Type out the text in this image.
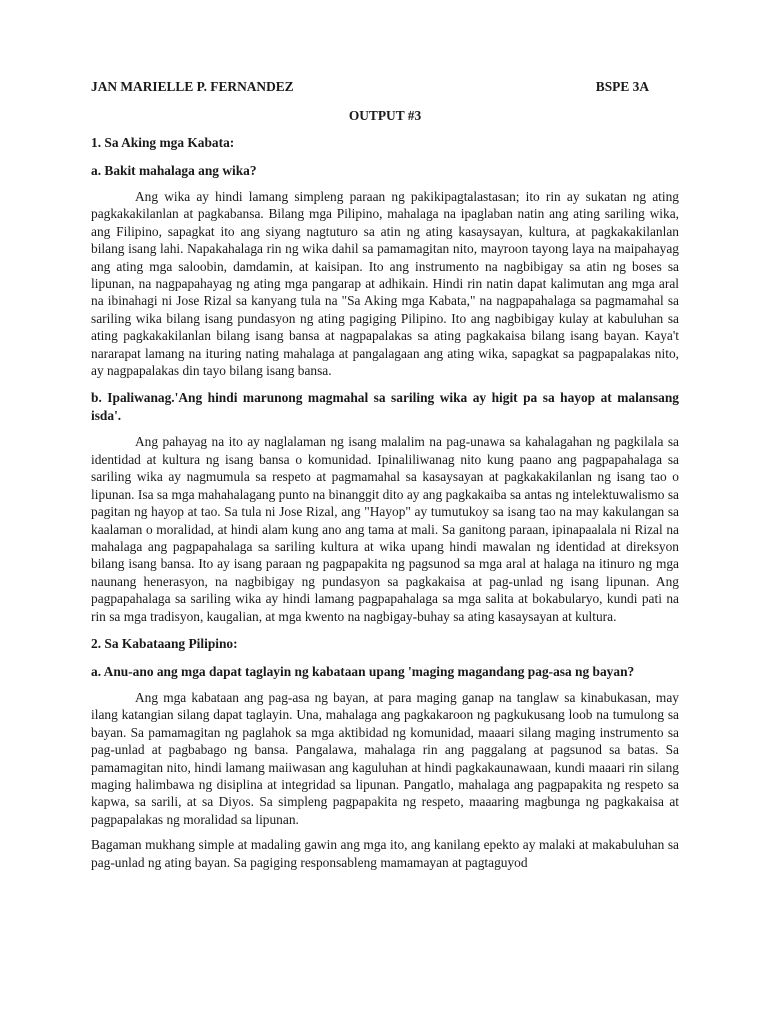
JAN MARIELLE P. FERNANDEZ	BSPE 3A
OUTPUT #3

1. Sa Aking mga Kabata:

a. Bakit mahalaga ang wika?

Ang wika ay hindi lamang simpleng paraan ng pakikipagtalastasan; ito rin ay sukatan ng ating pagkakakilanlan at pagkabansa. Bilang mga Pilipino, mahalaga na ipaglaban natin ang ating sariling wika, ang Filipino, sapagkat ito ang siyang nagtuturo sa atin ng ating kasaysayan, kultura, at pagkakakilanlan bilang isang lahi. Napakahalaga rin ng wika dahil sa pamamagitan nito, mayroon tayong laya na maipahayag ang ating mga saloobin, damdamin, at kaisipan. Ito ang instrumento na nagbibigay sa atin ng boses sa lipunan, na nagpapahayag ng ating mga pangarap at adhikain. Hindi rin natin dapat kalimutan ang mga aral na ibinahagi ni Jose Rizal sa kanyang tula na "Sa Aking mga Kabata," na nagpapahalaga sa pagmamahal sa sariling wika bilang isang pundasyon ng ating pagiging Pilipino. Ito ang nagbibigay kulay at kabuluhan sa ating pagkakakilanlan bilang isang bansa at nagpapalakas sa ating pagkakaisa bilang isang bayan. Kaya't nararapat lamang na ituring nating mahalaga at pangalagaan ang ating wika, sapagkat sa pagpapalakas nito, ay nagpapalakas din tayo bilang isang bansa.

b. Ipaliwanag.'Ang hindi marunong magmahal sa sariling wika ay higit pa sa hayop at malansang isda'.

Ang pahayag na ito ay naglalaman ng isang malalim na pag-unawa sa kahalagahan ng pagkilala sa identidad at kultura ng isang bansa o komunidad. Ipinaliliwanag nito kung paano ang pagpapahalaga sa sariling wika ay nagmumula sa respeto at pagmamahal sa kasaysayan at pagkakakilanlan ng isang tao o lipunan. Isa sa mga mahahalagang punto na binanggit dito ay ang pagkakaiba sa antas ng intelektuwalismo sa pagitan ng hayop at tao. Sa tula ni Jose Rizal, ang "Hayop" ay tumutukoy sa isang tao na may kakulangan sa kaalaman o moralidad, at hindi alam kung ano ang tama at mali. Sa ganitong paraan, ipinapaalala ni Rizal na mahalaga ang pagpapahalaga sa sariling kultura at wika upang hindi mawalan ng identidad at direksyon bilang isang bansa. Ito ay isang paraan ng pagpapakita ng pagsunod sa mga aral at halaga na itinuro ng mga naunang henerasyon, na nagbibigay ng pundasyon sa pagkakaisa at pag-unlad ng isang lipunan. Ang pagpapahalaga sa sariling wika ay hindi lamang pagpapahalaga sa mga salita at bokabularyo, kundi pati na rin sa mga tradisyon, kaugalian, at mga kwento na nagbigay-buhay sa ating kasaysayan at kultura.

2. Sa Kabataang Pilipino:

a. Anu-ano ang mga dapat taglayin ng kabataan upang 'maging magandang pag-asa ng bayan?

Ang mga kabataan ang pag-asa ng bayan, at para maging ganap na tanglaw sa kinabukasan, may ilang katangian silang dapat taglayin. Una, mahalaga ang pagkakaroon ng pagkukusang loob na tumulong sa bayan. Sa pamamagitan ng paglahok sa mga aktibidad ng komunidad, maaari silang maging instrumento sa pag-unlad at pagbabago ng bansa. Pangalawa, mahalaga rin ang paggalang at pagsunod sa batas. Sa pamamagitan nito, hindi lamang maiiwasan ang kaguluhan at hindi pagkakaunawaan, kundi maaari rin silang maging halimbawa ng disiplina at integridad sa lipunan. Pangatlo, mahalaga ang pagpapakita ng respeto sa kapwa, sa sarili, at sa Diyos. Sa simpleng pagpapakita ng respeto, maaaring magbunga ng pagkakaisa at pagpapalakas ng moralidad sa lipunan.

Bagaman mukhang simple at madaling gawin ang mga ito, ang kanilang epekto ay malaki at makabuluhan sa pag-unlad ng ating bayan. Sa pagiging responsableng mamamayan at pagtaguyod
